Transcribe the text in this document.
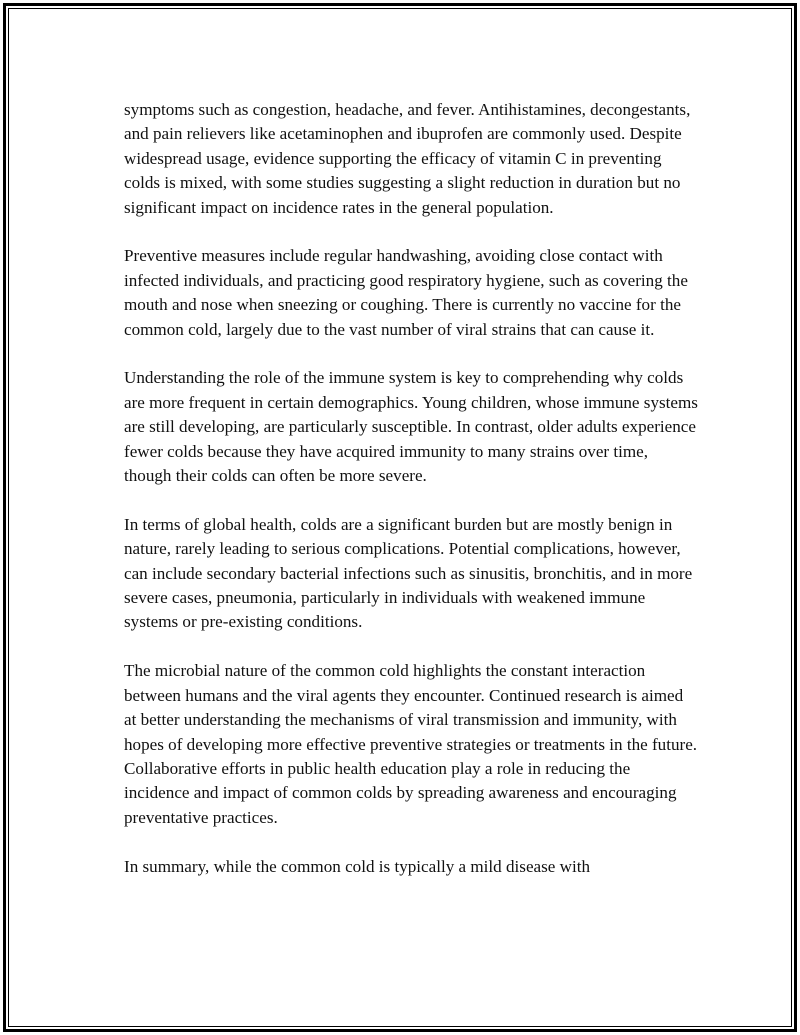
symptoms such as congestion, headache, and fever. Antihistamines, decongestants, and pain relievers like acetaminophen and ibuprofen are commonly used. Despite widespread usage, evidence supporting the efficacy of vitamin C in preventing colds is mixed, with some studies suggesting a slight reduction in duration but no significant impact on incidence rates in the general population.

Preventive measures include regular handwashing, avoiding close contact with infected individuals, and practicing good respiratory hygiene, such as covering the mouth and nose when sneezing or coughing. There is currently no vaccine for the common cold, largely due to the vast number of viral strains that can cause it.

Understanding the role of the immune system is key to comprehending why colds are more frequent in certain demographics. Young children, whose immune systems are still developing, are particularly susceptible. In contrast, older adults experience fewer colds because they have acquired immunity to many strains over time, though their colds can often be more severe.

In terms of global health, colds are a significant burden but are mostly benign in nature, rarely leading to serious complications. Potential complications, however, can include secondary bacterial infections such as sinusitis, bronchitis, and in more severe cases, pneumonia, particularly in individuals with weakened immune systems or pre-existing conditions.

The microbial nature of the common cold highlights the constant interaction between humans and the viral agents they encounter. Continued research is aimed at better understanding the mechanisms of viral transmission and immunity, with hopes of developing more effective preventive strategies or treatments in the future. Collaborative efforts in public health education play a role in reducing the incidence and impact of common colds by spreading awareness and encouraging preventative practices.

In summary, while the common cold is typically a mild disease with
